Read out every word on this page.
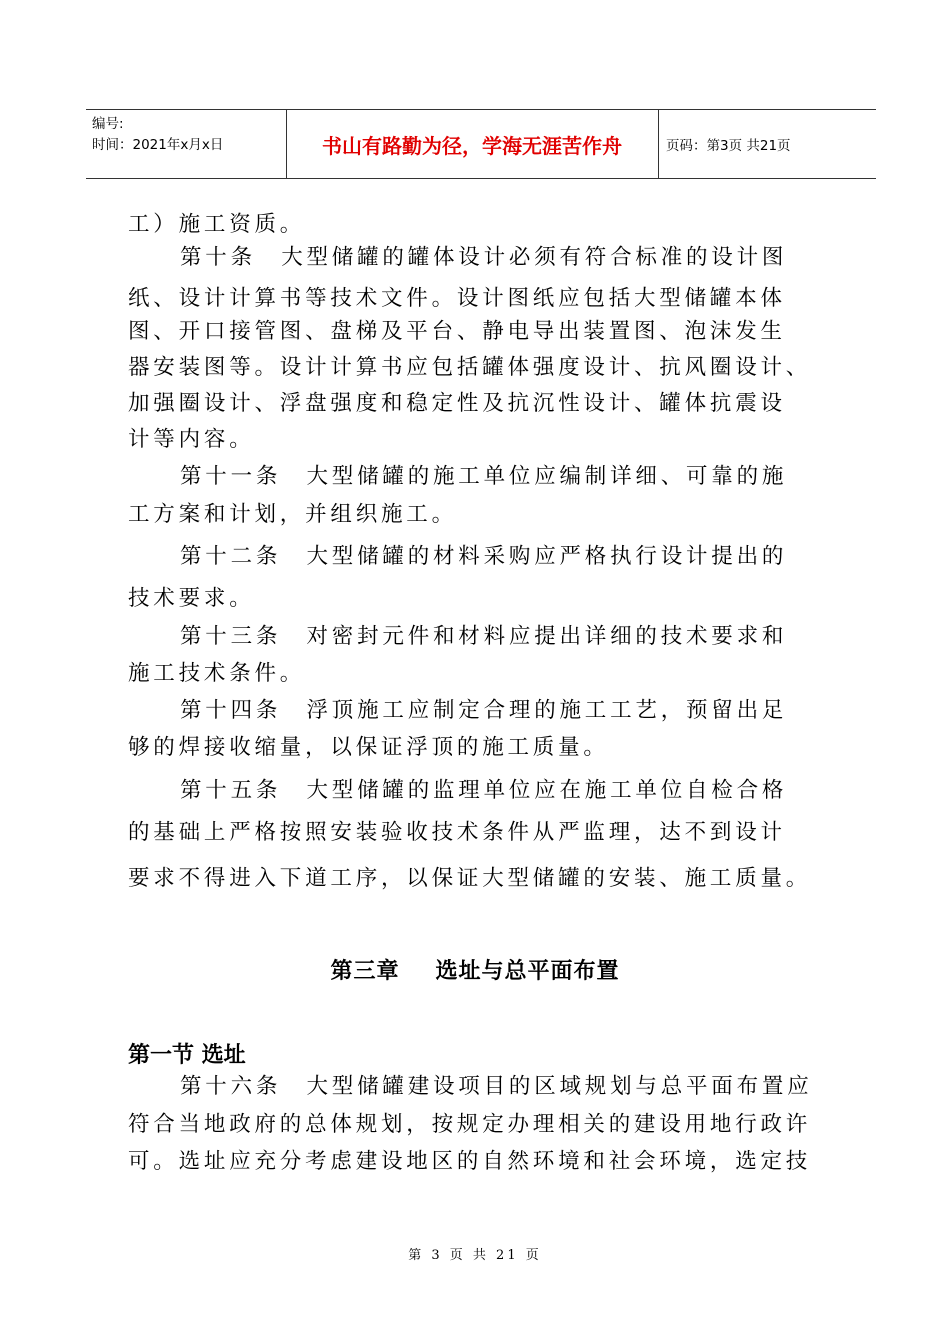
编号:
时间：2021年x月x日	书山有路勤为径，学海无涯苦作舟	页码：第3页 共21页
工）施工资质。
第十条　大型储罐的罐体设计必须有符合标准的设计图
纸、设计计算书等技术文件。设计图纸应包括大型储罐本体
图、开口接管图、盘梯及平台、静电导出装置图、泡沫发生
器安装图等。设计计算书应包括罐体强度设计、抗风圈设计、
加强圈设计、浮盘强度和稳定性及抗沉性设计、罐体抗震设
计等内容。
第十一条　大型储罐的施工单位应编制详细、可靠的施
工方案和计划，并组织施工。
第十二条　大型储罐的材料采购应严格执行设计提出的
技术要求。
第十三条　对密封元件和材料应提出详细的技术要求和
施工技术条件。
第十四条　浮顶施工应制定合理的施工工艺，预留出足
够的焊接收缩量，以保证浮顶的施工质量。
第十五条　大型储罐的监理单位应在施工单位自检合格
的基础上严格按照安装验收技术条件从严监理，达不到设计
要求不得进入下道工序，以保证大型储罐的安装、施工质量。
第三章 选址与总平面布置
第一节 选址
第十六条　大型储罐建设项目的区域规划与总平面布置应
符合当地政府的总体规划，按规定办理相关的建设用地行政许
可。选址应充分考虑建设地区的自然环境和社会环境，选定技
第 3 页 共 21 页
